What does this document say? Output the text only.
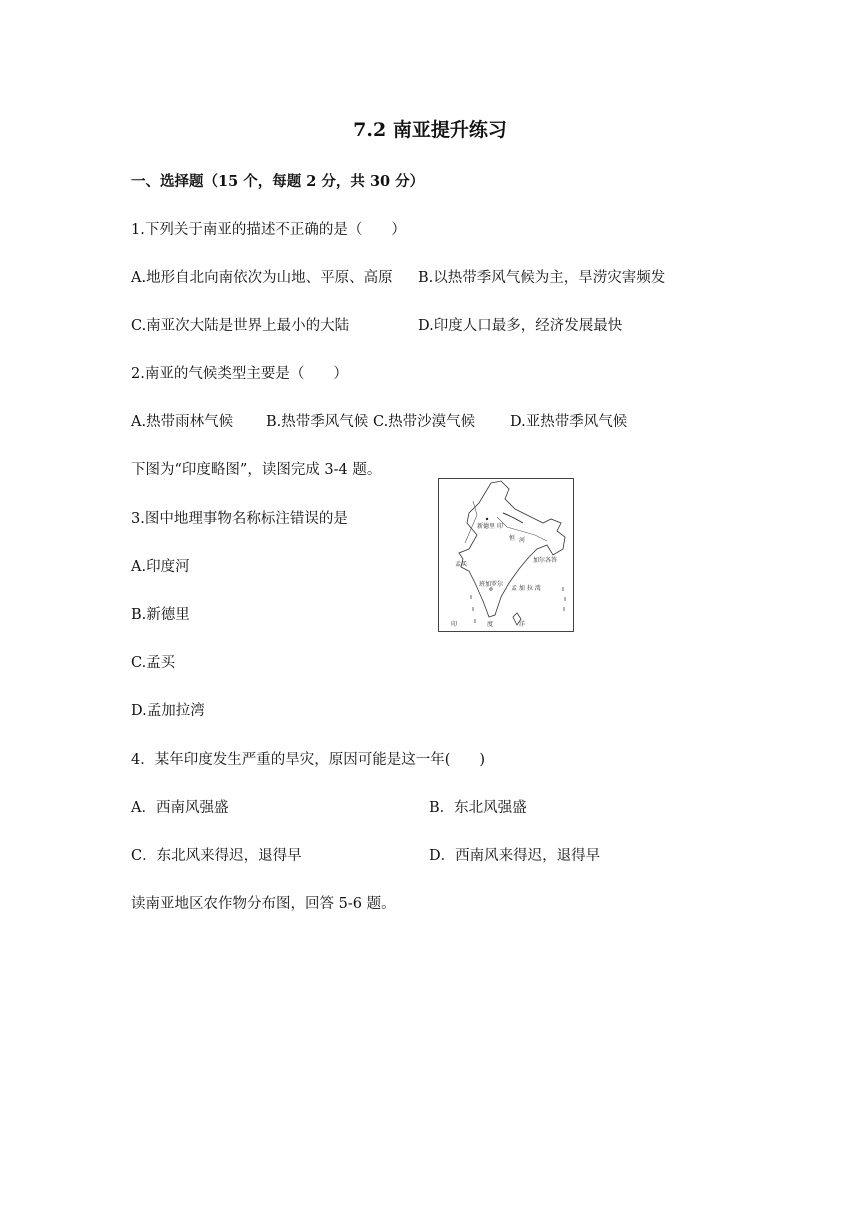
7.2 南亚提升练习
一、选择题（15 个，每题 2 分，共 30 分）
1.下列关于南亚的描述不正确的是（　　）
A.地形自北向南依次为山地、平原、高原 B.以热带季风气候为主，旱涝灾害频发
C.南亚次大陆是世界上最小的大陆	D.印度人口最多，经济发展最快
2.南亚的气候类型主要是（　　）
A.热带雨林气候 B.热带季风气候 C.热带沙漠气候 D.亚热带季风气候
下图为“印度略图”，读图完成 3-4 题。
3.图中地理事物名称标注错误的是
A.印度河
B.新德里
C.孟买
D.孟加拉湾
新德里
恒 河
印
加尔各答
孟买
班加罗尔
孟 加 拉 湾
印	度	洋
4．某年印度发生严重的旱灾，原因可能是这一年(　　)
A．西南风强盛	B．东北风强盛
C．东北风来得迟，退得早	D．西南风来得迟，退得早
读南亚地区农作物分布图，回答 5-6 题。
